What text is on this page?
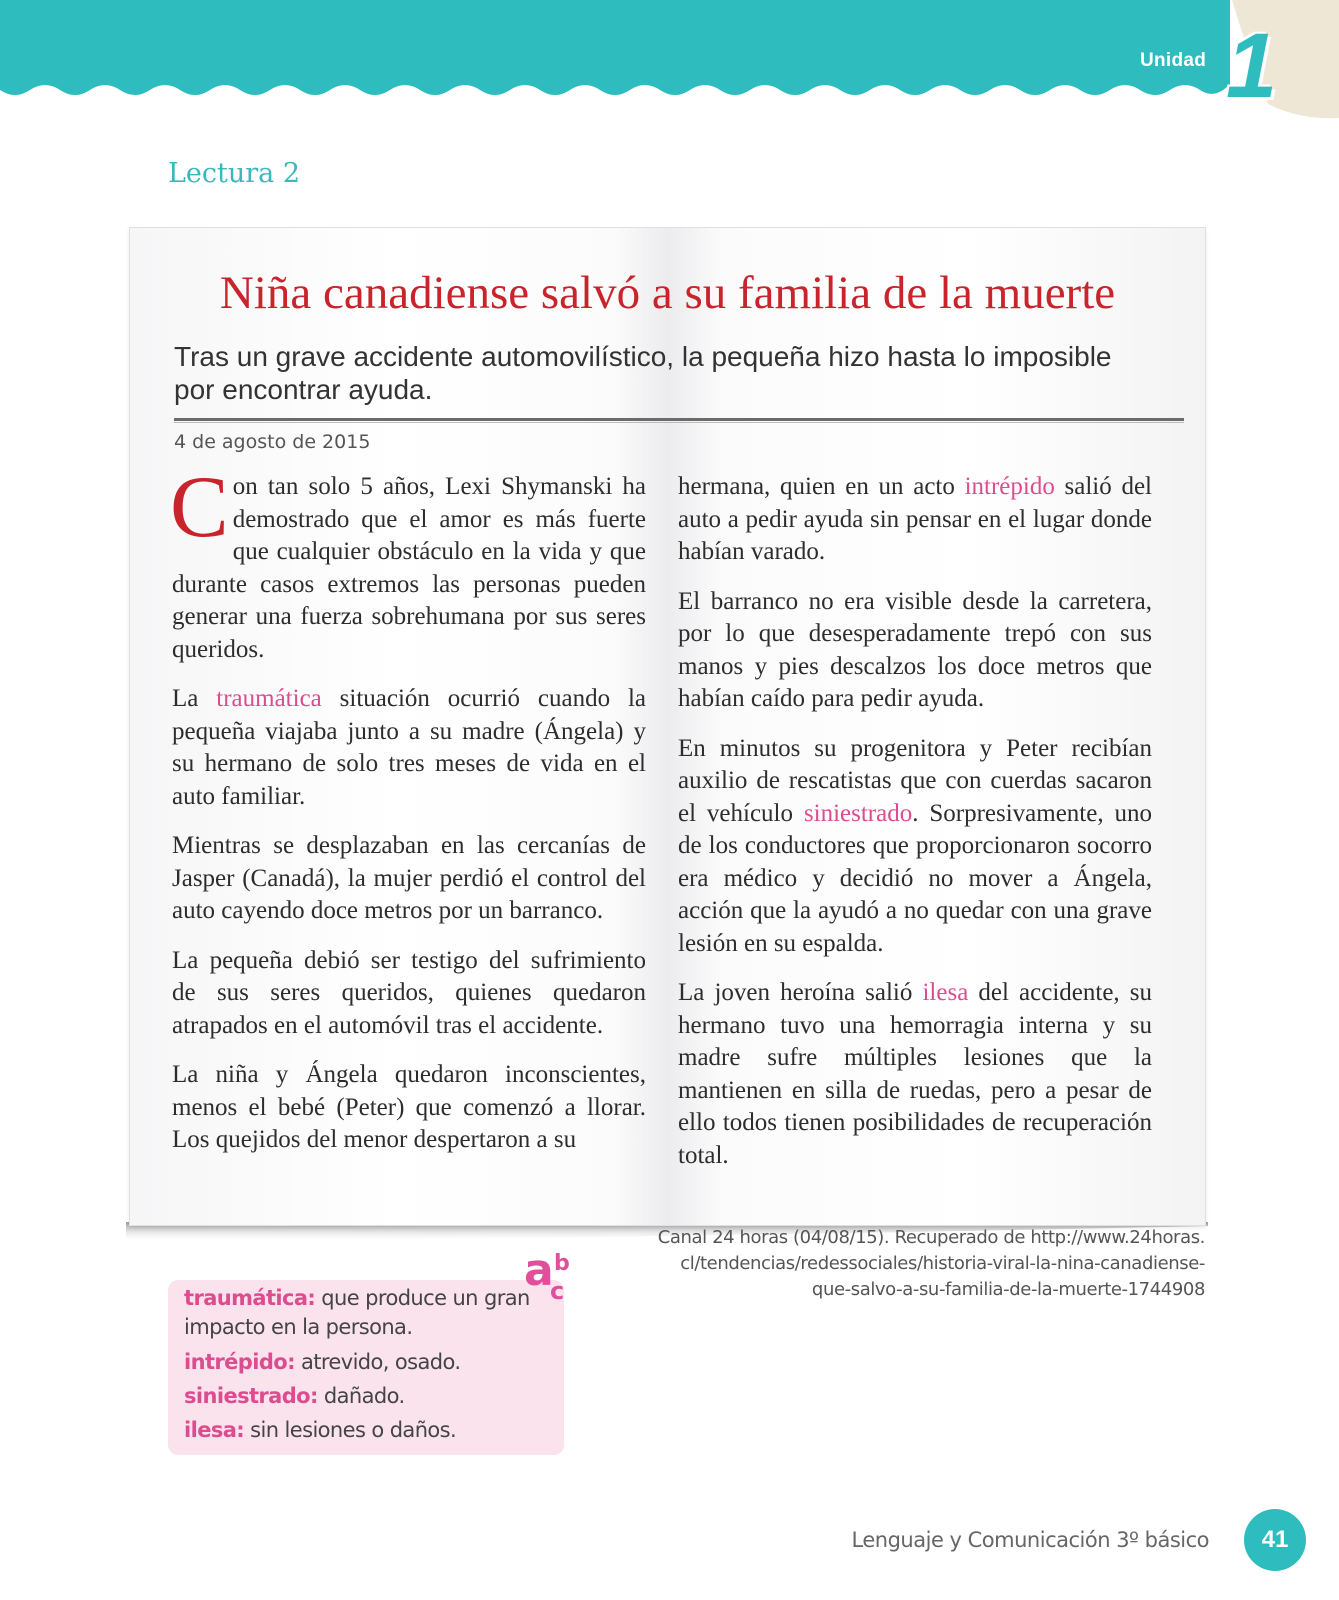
Unidad 1
Lectura 2
Niña canadiense salvó a su familia de la muerte
Tras un grave accidente automovilístico, la pequeña hizo hasta lo imposible por encontrar ayuda.
4 de agosto de 2015

Con tan solo 5 años, Lexi Shymanski ha demostrado que el amor es más fuerte que cualquier obstáculo en la vida y que durante casos extremos las personas pueden generar una fuerza sobrehumana por sus seres queridos.

La traumática situación ocurrió cuando la pequeña viajaba junto a su madre (Ángela) y su hermano de solo tres meses de vida en el auto familiar.

Mientras se desplazaban en las cercanías de Jasper (Canadá), la mujer perdió el control del auto cayendo doce metros por un barranco.

La pequeña debió ser testigo del sufrimiento de sus seres queridos, quienes quedaron atrapados en el automóvil tras el accidente.

La niña y Ángela quedaron inconscientes, menos el bebé (Peter) que comenzó a llorar. Los quejidos del menor despertaron a su

hermana, quien en un acto intrépido salió del auto a pedir ayuda sin pensar en el lugar donde habían varado.

El barranco no era visible desde la carretera, por lo que desesperadamente trepó con sus manos y pies descalzos los doce metros que habían caído para pedir ayuda.

En minutos su progenitora y Peter recibían auxilio de rescatistas que con cuerdas sacaron el vehículo siniestrado. Sorpresivamente, uno de los conductores que proporcionaron socorro era médico y decidió no mover a Ángela, acción que la ayudó a no quedar con una grave lesión en su espalda.

La joven heroína salió ilesa del accidente, su hermano tuvo una hemorragia interna y su madre sufre múltiples lesiones que la mantienen en silla de ruedas, pero a pesar de ello todos tienen posibilidades de recuperación total.

Canal 24 horas (04/08/15). Recuperado de http://www.24horas.
cl/tendencias/redessociales/historia-viral-la-nina-canadiense-
que-salvo-a-su-familia-de-la-muerte-1744908
traumática: que produce un gran
impacto en la persona.
intrépido: atrevido, osado.
siniestrado: dañado.
ilesa: sin lesiones o daños.
a b
c
Lenguaje y Comunicación 3º básico	41
